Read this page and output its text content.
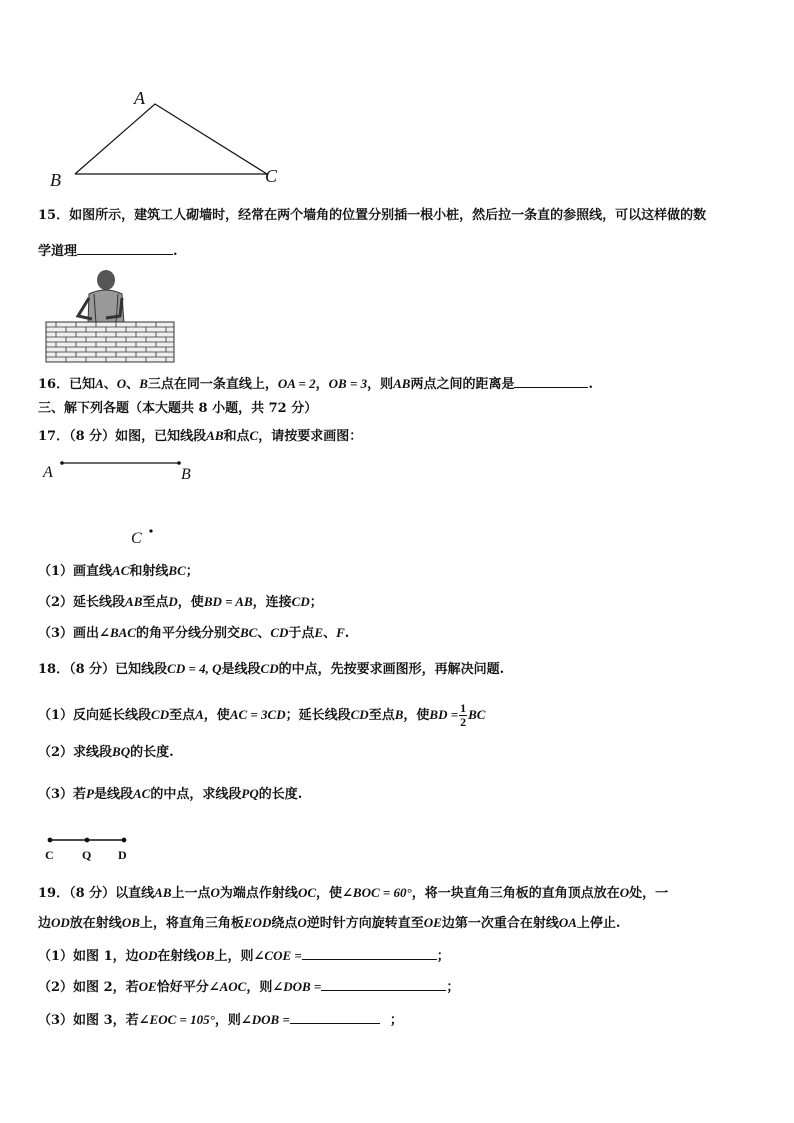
A
B	C
15．如图所示，建筑工人砌墙时，经常在两个墙角的位置分别插一根小桩，然后拉一条直的参照线，可以这样做的数
学道理	.
16．已知A、O、B三点在同一条直线上，OA = 2，OB = 3，则AB两点之间的距离是	.
三、解下列各题（本大题共 8 小题，共 72 分）
17．（8 分）如图，已知线段AB和点C，请按要求画图：
A	B
C
（1）画直线AC和射线BC；
（2）延长线段AB至点D，使BD = AB，连接CD；
（3）画出∠BAC的角平分线分别交BC、CD于点E、F.
18．（8 分）已知线段CD = 4, Q是线段CD的中点，先按要求画图形，再解决问题.
（1）反向延长线段CD至点A，使AC = 3CD；延长线段CD至点B，使BD = $\frac{1}{2}$ BC
（2）求线段BQ的长度.
（3）若P是线段AC的中点，求线段PQ的长度.
C Q D
19．（8 分）以直线AB上一点O为端点作射线OC，使∠BOC = 60°，将一块直角三角板的直角顶点放在O处，一
边OD放在射线OB上，将直角三角板EOD绕点O逆时针方向旋转直至OE边第一次重合在射线OA上停止.
（1）如图 1，边OD在射线OB上，则∠COE =	；
（2）如图 2，若OE恰好平分∠AOC，则∠DOB =	；
（3）如图 3，若∠EOC = 105°，则∠DOB =	；
